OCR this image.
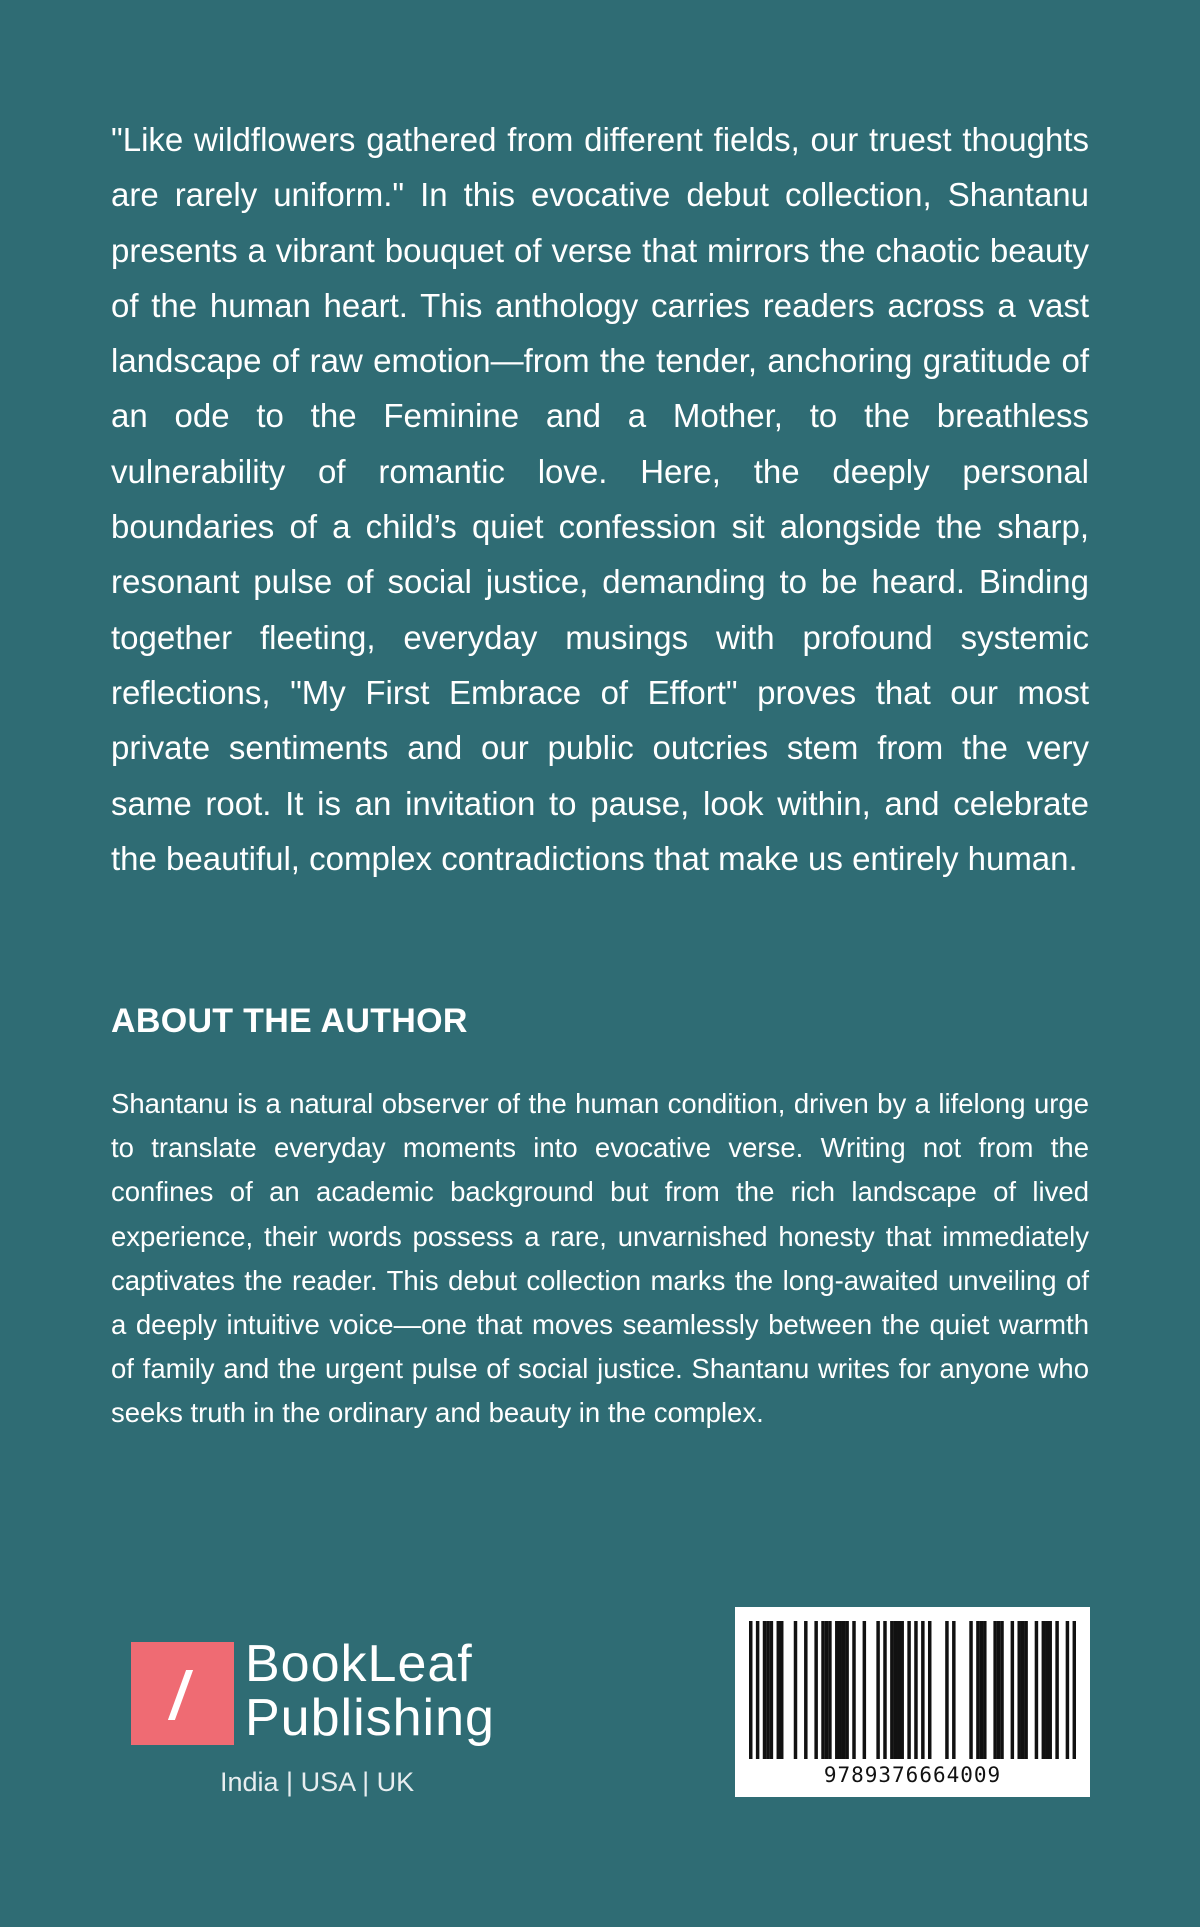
"Like wildflowers gathered from different fields, our truest thoughts are rarely uniform." In this evocative debut collection, Shantanu presents a vibrant bouquet of verse that mirrors the chaotic beauty of the human heart. This anthology carries readers across a vast landscape of raw emotion—from the tender, anchoring gratitude of an ode to the Feminine and a Mother, to the breathless vulnerability of romantic love. Here, the deeply personal boundaries of a child’s quiet confession sit alongside the sharp, resonant pulse of social justice, demanding to be heard. Binding together fleeting, everyday musings with profound systemic reflections, "My First Embrace of Effort" proves that our most private sentiments and our public outcries stem from the very same root. It is an invitation to pause, look within, and celebrate the beautiful, complex contradictions that make us entirely human.

ABOUT THE AUTHOR

Shantanu is a natural observer of the human condition, driven by a lifelong urge to translate everyday moments into evocative verse. Writing not from the confines of an academic background but from the rich landscape of lived experience, their words possess a rare, unvarnished honesty that immediately captivates the reader. This debut collection marks the long-awaited unveiling of a deeply intuitive voice—one that moves seamlessly between the quiet warmth of family and the urgent pulse of social justice. Shantanu writes for anyone who seeks truth in the ordinary and beauty in the complex.

BookLeaf
Publishing
India | USA | UK	9789376664009
